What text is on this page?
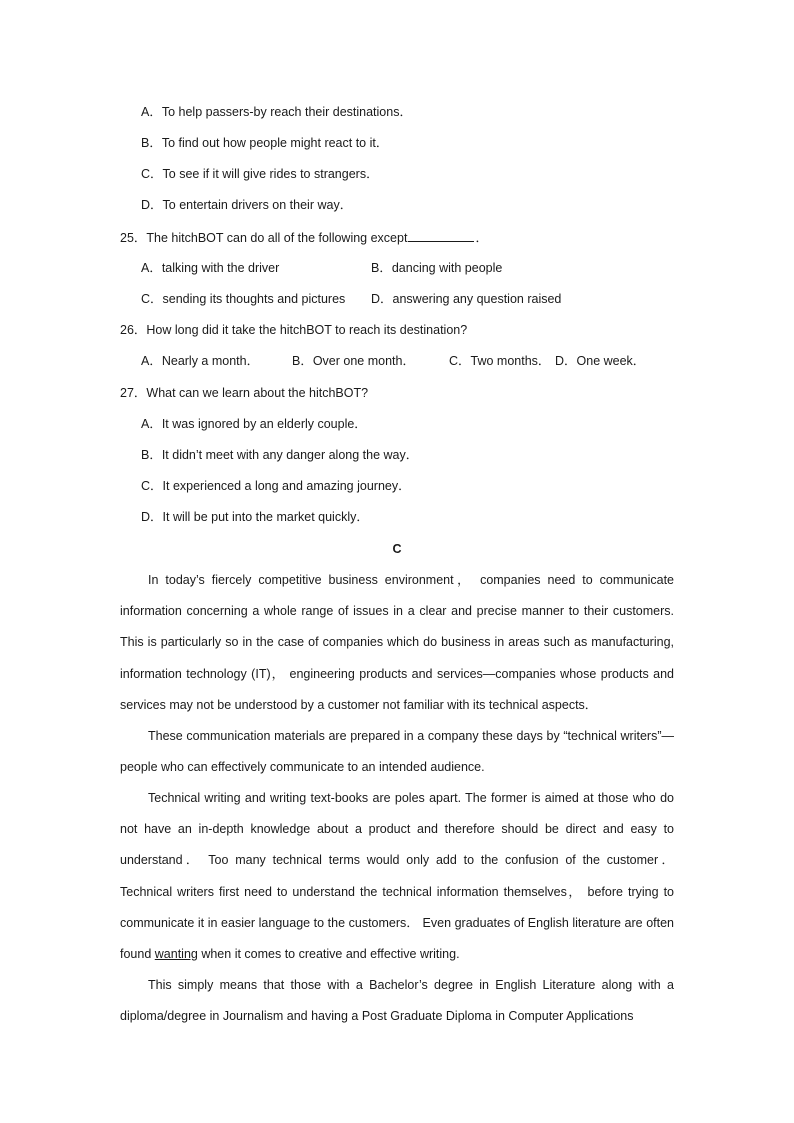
A．To help passers-by reach their destinations．
B．To find out how people might react to it．
C．To see if it will give rides to strangers．
D．To entertain drivers on their way．
25．The hitchBOT can do all of the following except	．
A．talking with the driver	B．dancing with people
C．sending its thoughts and pictures D．answering any question raised
26．How long did it take the hitchBOT to reach its destination?
A．Nearly a month．	B．Over one month．	C．Two months． D．One week．
27．What can we learn about the hitchBOT?
A．It was ignored by an elderly couple．
B．It didn’t meet with any danger along the way．
C．It experienced a long and amazing journey．
D．It will be put into the market quickly．
C

In today’s fiercely competitive business environment， companies need to communicate information concerning a whole range of issues in a clear and precise manner to their customers. This is particularly so in the case of companies which do business in areas such as manufacturing, information technology (IT)， engineering products and services—companies whose products and services may not be understood by a customer not familiar with its technical aspects．

These communication materials are prepared in a company these days by “technical writers”—people who can effectively communicate to an intended audience.

Technical writing and writing text-books are poles apart. The former is aimed at those who do not have an in-depth knowledge about a product and therefore should be direct and easy to understand． Too many technical terms would only add to the confusion of the customer． Technical writers first need to understand the technical information themselves， before trying to communicate it in easier language to the customers． Even graduates of English literature are often found wanting when it comes to creative and effective writing.

This simply means that those with a Bachelor’s degree in English Literature along with a diploma/degree in Journalism and having a Post Graduate Diploma in Computer Applications
